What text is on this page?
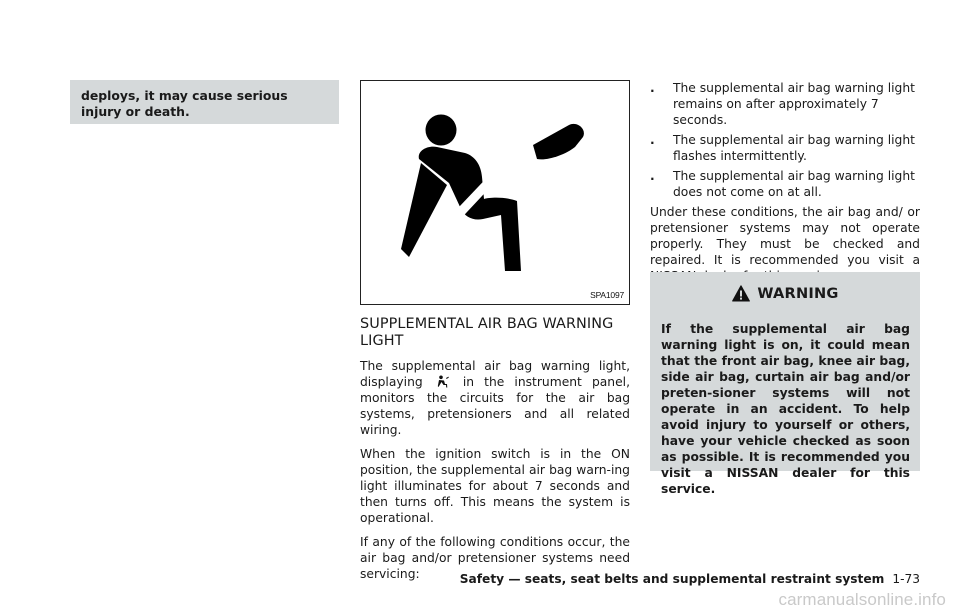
deploys, it may cause serious injury or death.
SPA1097
SUPPLEMENTAL AIR BAG WARNING LIGHT

The supplemental air bag warning light, displaying	in the instrument panel, monitors the circuits for the air bag systems, pretensioners and all related wiring.

When the ignition switch is in the ON position, the supplemental air bag warn-ing light illuminates for about 7 seconds and then turns off. This means the system is operational.

If any of the following conditions occur, the air bag and/or pretensioner systems need servicing:

. The supplemental air bag warning light remains on after approximately 7 seconds.
. The supplemental air bag warning light flashes intermittently.
. The supplemental air bag warning light does not come on at all.

Under these conditions, the air bag and/ or pretensioner systems may not operate properly. They must be checked and repaired. It is recommended you visit a

WARNING
If the supplemental air bag warning light is on, it could mean that the front air bag, knee air bag, side air bag, curtain air bag and/or preten-sioner systems will not operate in an accident. To help avoid injury to yourself or others, have your vehicle checked as soon as possible. It is recommended you visit a NISSAN dealer for this service.
Safety — seats, seat belts and supplemental restraint system 1-73
carmanualsonline.info
